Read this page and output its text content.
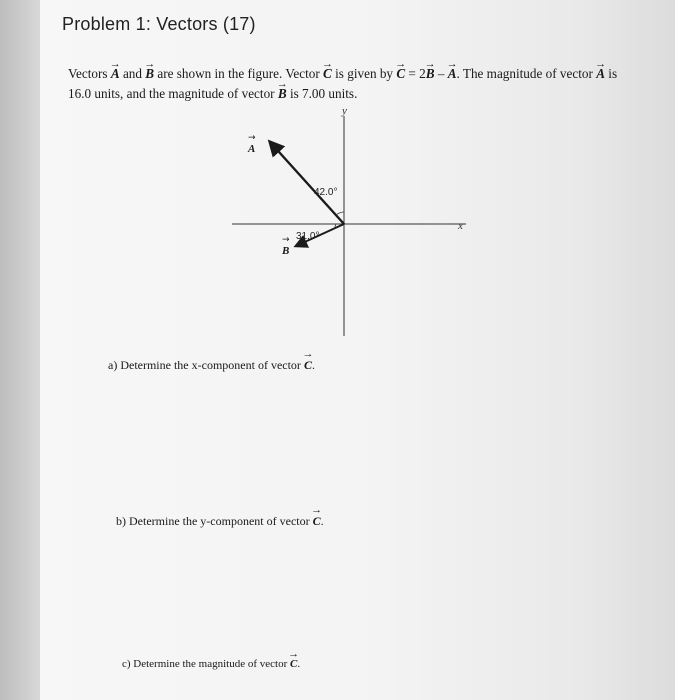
Problem 1: Vectors (17)
Vectors → A and → B are shown in the figure. Vector → C is given by → C = 2→ B – → A. The magnitude of vector → A is 16.0 units, and the magnitude of vector → B is 7.00 units.
y
x
A
→
B
→
42.0°
31.0°
a) Determine the x-component of vector → C.
b) Determine the y-component of vector → C.
c) Determine the magnitude of vector → C.
